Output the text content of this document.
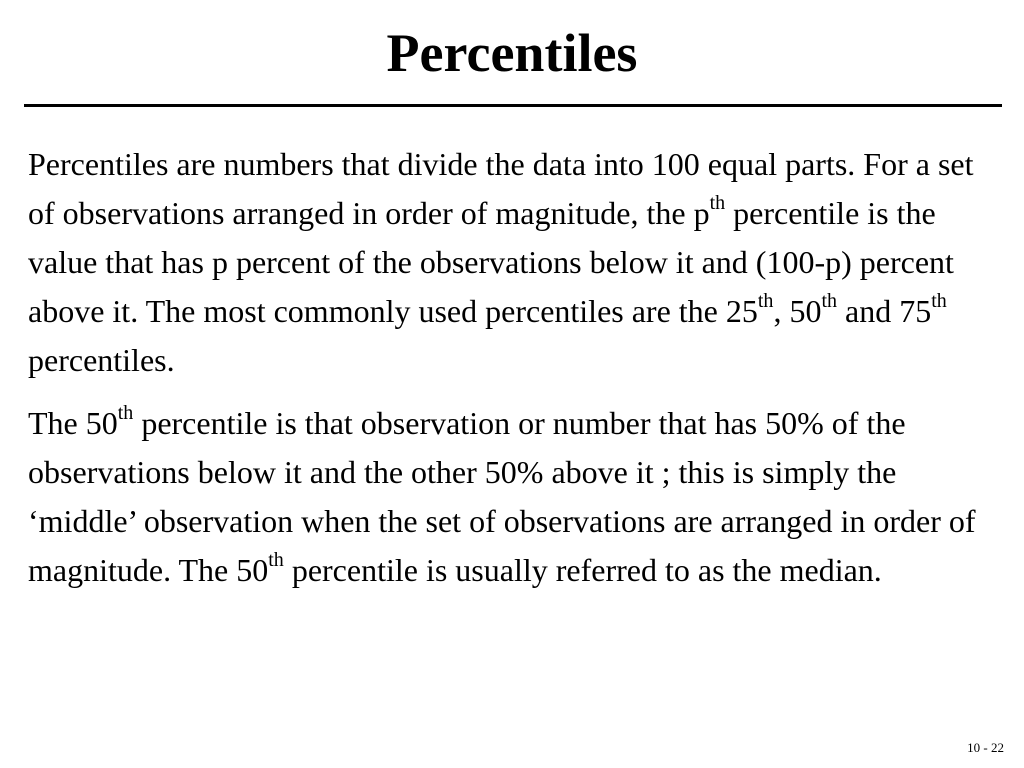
Percentiles

Percentiles are numbers that divide the data into 100 equal parts. For a set of observations arranged in order of magnitude, the $p^{th}$ percentile is the value that has p percent of the observations below it and (100-p) percent above it. The most commonly used percentiles are the 25th, 50th and 75th percentiles.

The 50th percentile is that observation or number that has 50% of the observations below it and the other 50% above it ; this is simply the ‘middle’ observation when the set of observations are arranged in order of magnitude. The 50th percentile is usually referred to as the median.

10 - 22
